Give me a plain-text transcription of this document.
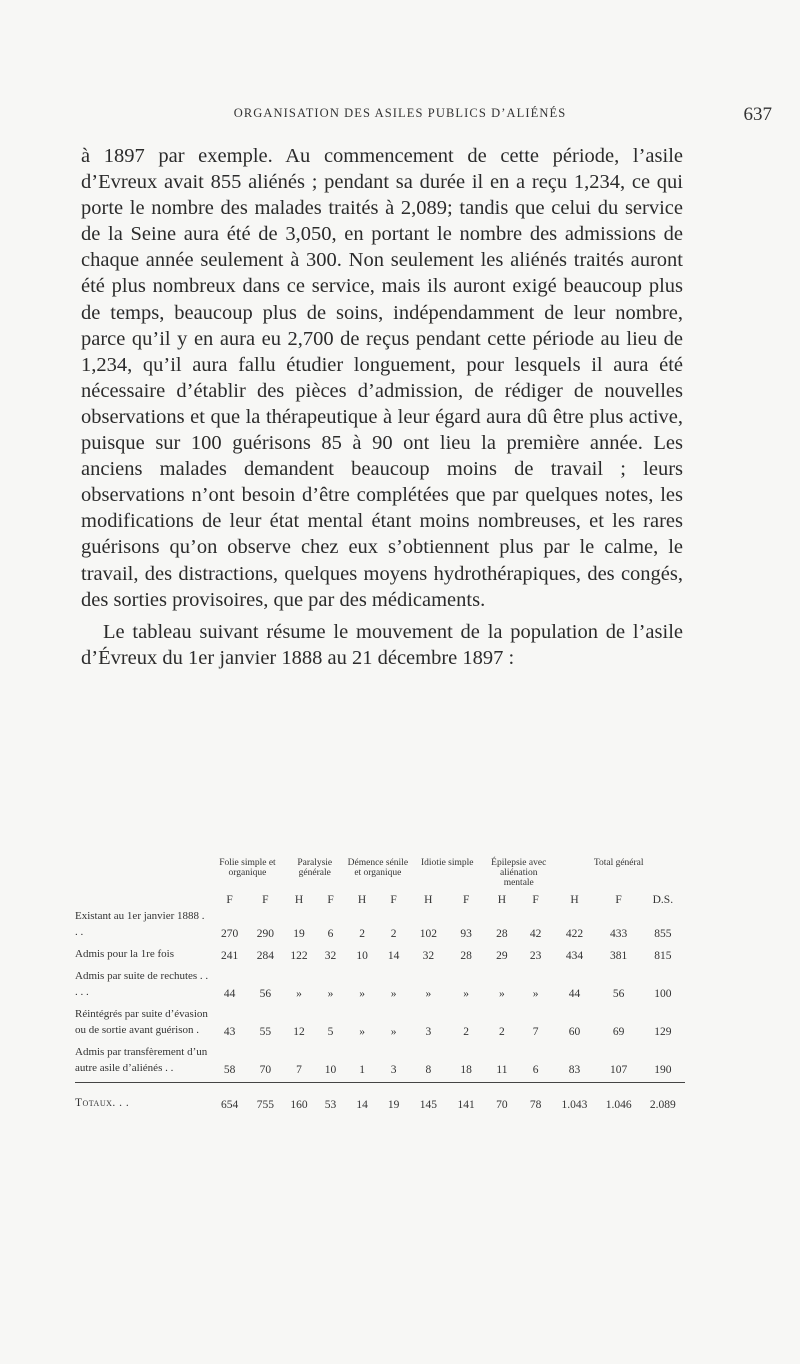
ORGANISATION DES ASILES PUBLICS D’ALIÉNÉS	637

à 1897 par exemple. Au commencement de cette période, l’asile d’Evreux avait 855 aliénés ; pendant sa durée il en a reçu 1,234, ce qui porte le nombre des malades traités à 2,089; tandis que celui du service de la Seine aura été de 3,050, en portant le nombre des admissions de chaque année seulement à 300. Non seulement les aliénés traités auront été plus nombreux dans ce service, mais ils auront exigé beaucoup plus de temps, beaucoup plus de soins, indépendamment de leur nombre, parce qu’il y en aura eu 2,700 de reçus pendant cette période au lieu de 1,234, qu’il aura fallu étudier longuement, pour lesquels il aura été nécessaire d’établir des pièces d’admission, de rédiger de nouvelles observations et que la thérapeutique à leur égard aura dû être plus active, puisque sur 100 guérisons 85 à 90 ont lieu la première année. Les anciens malades demandent beaucoup moins de travail ; leurs observations n’ont besoin d’être complétées que par quelques notes, les modifications de leur état mental étant moins nombreuses, et les rares guérisons qu’on observe chez eux s’obtiennent plus par le calme, le travail, des distractions, quelques moyens hydrothérapiques, des congés, des sorties provisoires, que par des médicaments.

Le tableau suivant résume le mouvement de la population de l’asile d’Évreux du 1er janvier 1888 au 21 décembre 1897 :

	Folie simple et organique		Paralysie générale		Démence sénile et organique		Idiotie simple		Épilepsie avec aliénation mentale		Total général		
	F	F	H	F	H	F	H	F	H	F	H	F	D.S.
Existant au 1er janvier 1888 . . .	270	290	19	6	2	2	102	93	28	42	422	433	855
Admis pour la 1re fois	241	284	122	32	10	14	32	28	29	23	434	381	815
Admis par suite de rechutes . . . . .	44	56	»	»	»	»	»	»	»	»	44	56	100
Réintégrés par suite d’évasion ou de sortie avant guérison .	43	55	12	5	»	»	3	2	2	7	60	69	129
Admis par transfèrement d’un autre asile d’aliénés . .	58	70	7	10	1	3	8	18	11	6	83	107	190
Totaux. . .	654	755	160	53	14	19	145	141	70	78	1.043	1.046	2.089
